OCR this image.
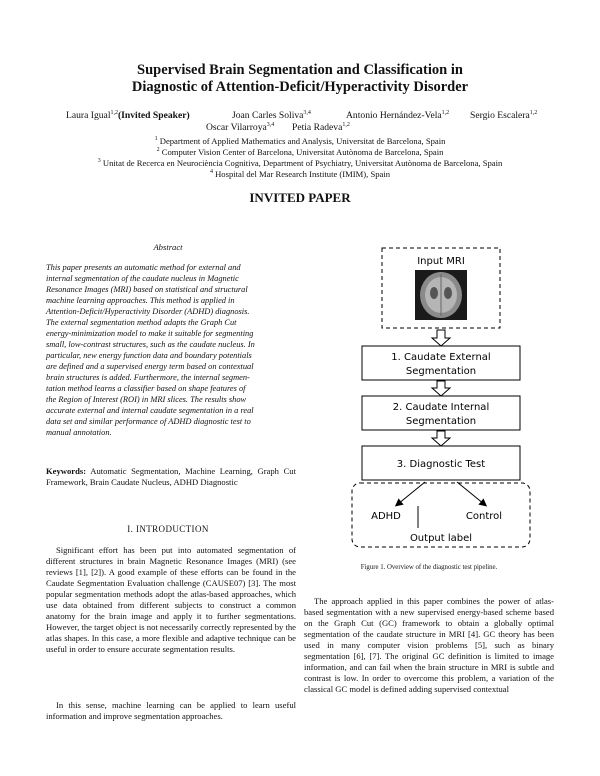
Supervised Brain Segmentation and Classification in
Diagnostic of Attention-Deficit/Hyperactivity Disorder
Laura Igual$^{1,2}$(Invited Speaker)	Joan Carles Soliva$^{3,4}$	Antonio Hernández-Vela$^{1,2}$ Sergio Escalera$^{1,2}$
Oscar Vilarroya$^{3,4}$ Petia Radeva$^{1,2}$
$^1$ Department of Applied Mathematics and Analysis, Universitat de Barcelona, Spain
$^2$ Computer Vision Center of Barcelona, Universitat Autònoma de Barcelona, Spain
$^3$ Unitat de Recerca en Neurociència Cognitiva, Department of Psychiatry, Universitat Autònoma de Barcelona, Spain
$^4$ Hospital del Mar Research Institute (IMIM), Spain
INVITED PAPER
Abstract
This paper presents an automatic method for external and
internal segmentation of the caudate nucleus in Magnetic
Resonance Images (MRI) based on statistical and structural
machine learning approaches. This method is applied in
Attention-Deficit/Hyperactivity Disorder (ADHD) diagnosis.
The external segmentation method adapts the Graph Cut
energy-minimization model to make it suitable for segmenting
small, low-contrast structures, such as the caudate nucleus. In
particular, new energy function data and boundary potentials
are defined and a supervised energy term based on contextual
brain structures is added. Furthermore, the internal segmen-
tation method learns a classifier based on shape features of
the Region of Interest (ROI) in MRI slices. The results show
accurate external and internal caudate segmentation in a real
data set and similar performance of ADHD diagnostic test to
manual annotation.
Keywords: Automatic Segmentation, Machine Learning, Graph Cut Framework, Brain Caudate Nucleus, ADHD Diagnostic
I. INTRODUCTION

Significant effort has been put into automated segmentation of different structures in brain Magnetic Resonance Images (MRI) (see reviews [1], [2]). A good example of these efforts can be found in the Caudate Segmentation Evaluation challenge (CAUSE07) [3]. The most popular segmentation methods adopt the atlas-based approaches, which use data obtained from different subjects to construct a common anatomy for the brain image and apply it to further segmentations. However, the target object is not necessarily correctly represented by the atlas shapes. In this case, a more flexible and adaptive technique can be useful in order to ensure accurate segmentation results.

In this sense, machine learning can be applied to learn useful information and improve segmentation approaches.

Input MRI
1. Caudate External
Segmentation
2. Caudate Internal
Segmentation
3. Diagnostic Test
ADHD	Control
Output label
Figure 1. Overview of the diagnostic test pipeline.

The approach applied in this paper combines the power of atlas-based segmentation with a new supervised energy-based scheme based on the Graph Cut (GC) framework to obtain a globally optimal segmentation of the caudate structure in MRI [4]. GC theory has been used in many computer vision problems [5], such as binary segmentation [6], [7]. The original GC definition is limited to image information, and can fail when the brain structure in MRI is subtle and contrast is low. In order to overcome this problem, a variation of the classical GC model is defined adding supervised contextual
